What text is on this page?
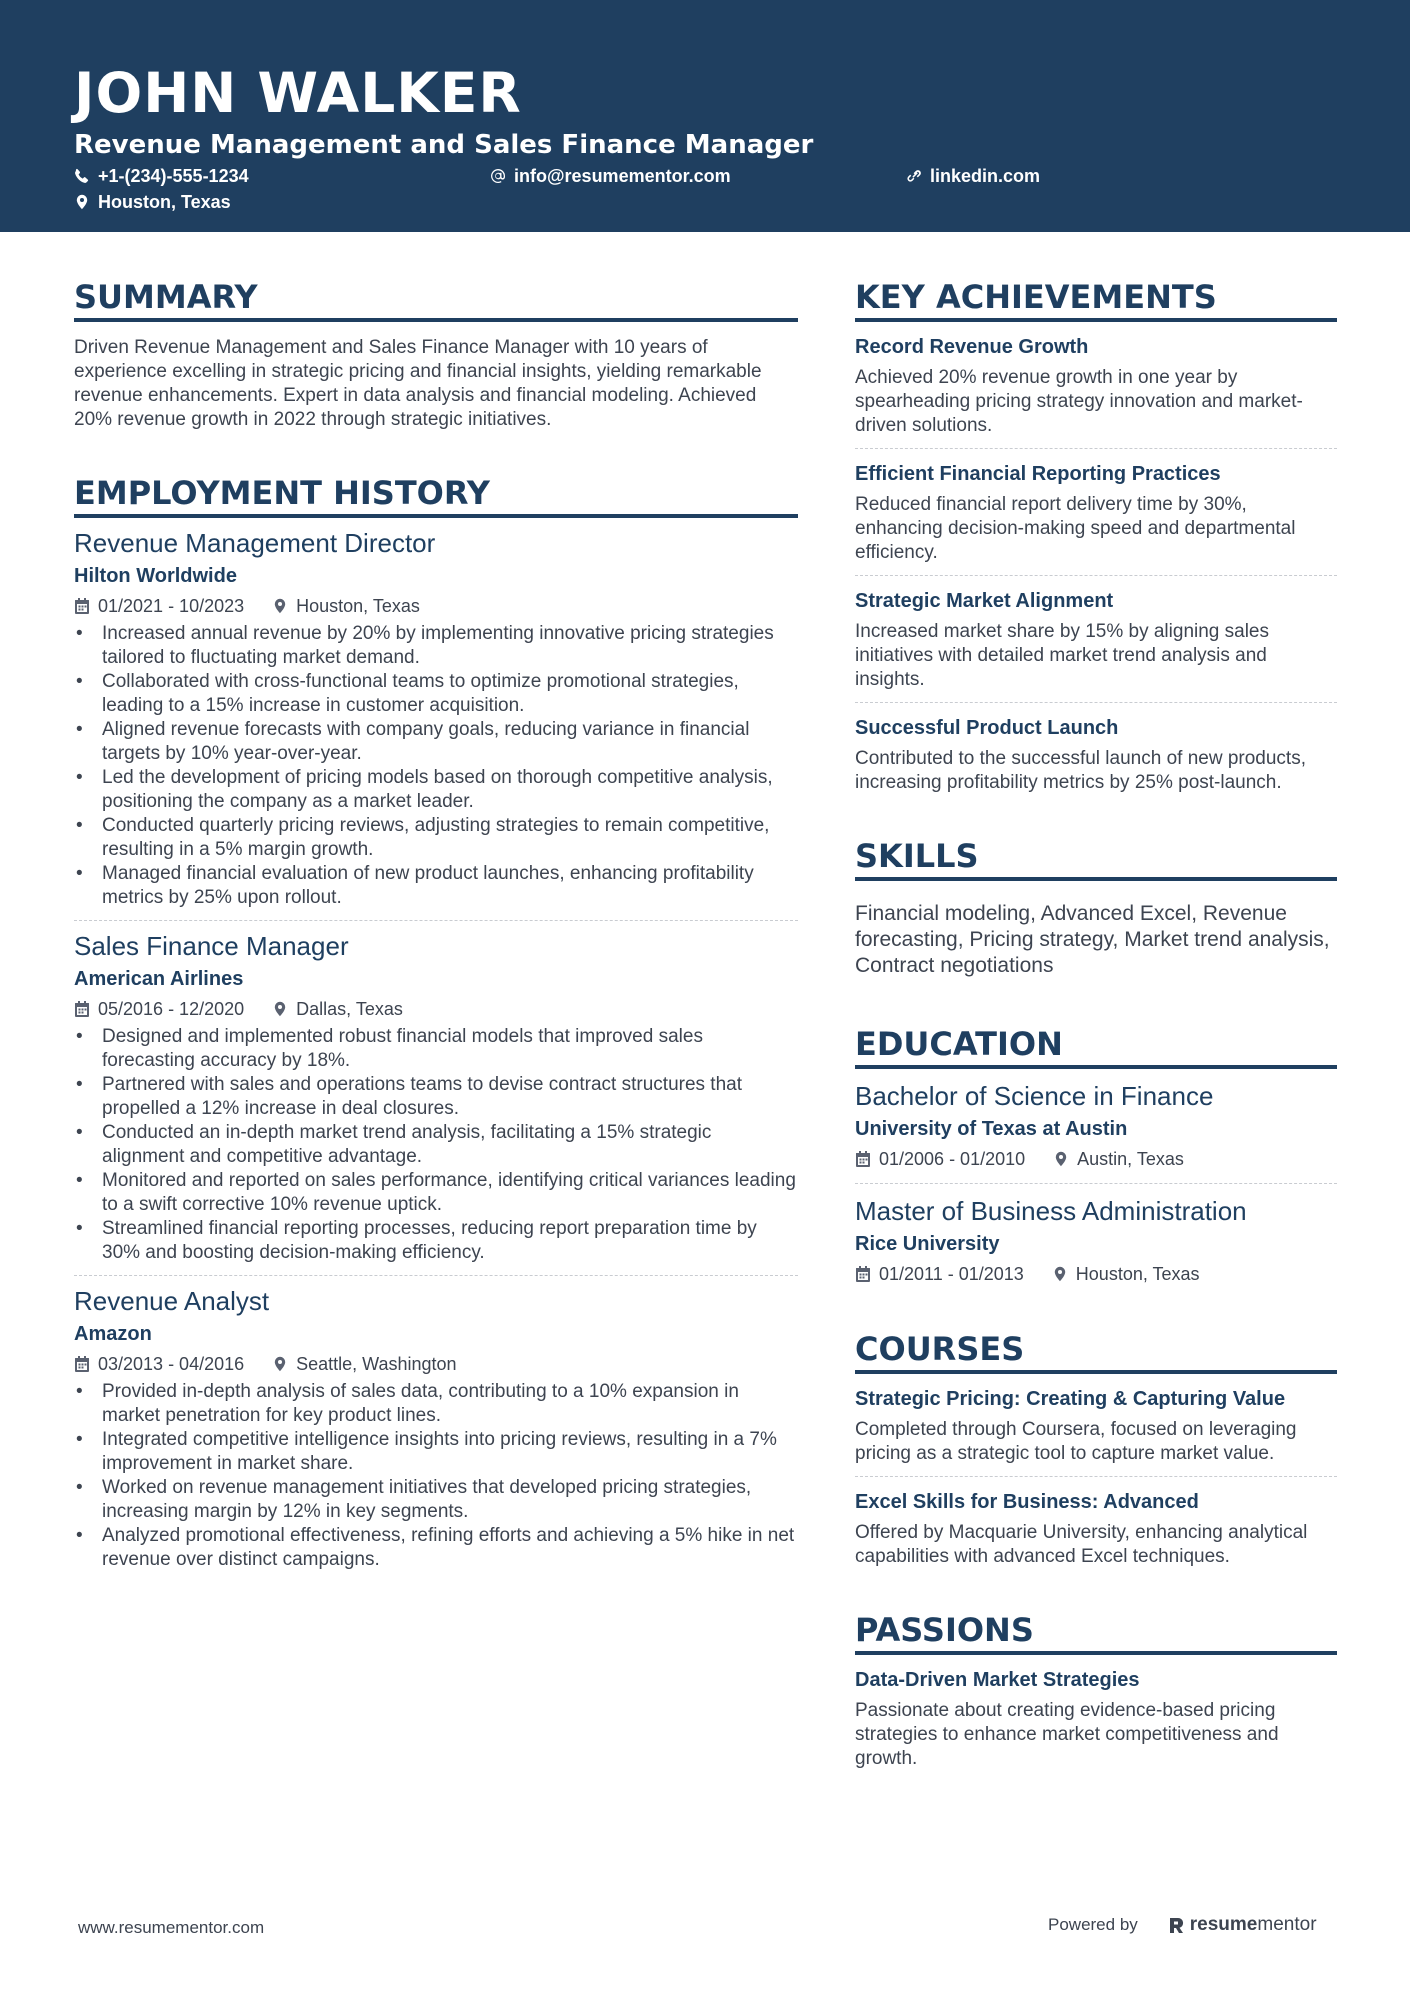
JOHN WALKER
Revenue Management and Sales Finance Manager
+1-(234)-555-1234	info@resumementor.com	linkedin.com
Houston, Texas
SUMMARY
Driven Revenue Management and Sales Finance Manager with 10 years of experience excelling in strategic pricing and financial insights, yielding remarkable revenue enhancements. Expert in data analysis and financial modeling. Achieved 20% revenue growth in 2022 through strategic initiatives.
EMPLOYMENT HISTORY
Revenue Management Director
Hilton Worldwide
01/2021 - 10/2023	Houston, Texas
• Increased annual revenue by 20% by implementing innovative pricing strategies tailored to fluctuating market demand.
• Collaborated with cross-functional teams to optimize promotional strategies, leading to a 15% increase in customer acquisition.
• Aligned revenue forecasts with company goals, reducing variance in financial targets by 10% year-over-year.
• Led the development of pricing models based on thorough competitive analysis, positioning the company as a market leader.
• Conducted quarterly pricing reviews, adjusting strategies to remain competitive, resulting in a 5% margin growth.
• Managed financial evaluation of new product launches, enhancing profitability metrics by 25% upon rollout.
Sales Finance Manager
American Airlines
05/2016 - 12/2020	Dallas, Texas
• Designed and implemented robust financial models that improved sales forecasting accuracy by 18%.
• Partnered with sales and operations teams to devise contract structures that propelled a 12% increase in deal closures.
• Conducted an in-depth market trend analysis, facilitating a 15% strategic alignment and competitive advantage.
• Monitored and reported on sales performance, identifying critical variances leading to a swift corrective 10% revenue uptick.
• Streamlined financial reporting processes, reducing report preparation time by 30% and boosting decision-making efficiency.
Revenue Analyst
Amazon
03/2013 - 04/2016	Seattle, Washington
• Provided in-depth analysis of sales data, contributing to a 10% expansion in market penetration for key product lines.
• Integrated competitive intelligence insights into pricing reviews, resulting in a 7% improvement in market share.
• Worked on revenue management initiatives that developed pricing strategies, increasing margin by 12% in key segments.
• Analyzed promotional effectiveness, refining efforts and achieving a 5% hike in net revenue over distinct campaigns.
KEY ACHIEVEMENTS
Record Revenue Growth
Achieved 20% revenue growth in one year by spearheading pricing strategy innovation and market-driven solutions.
Efficient Financial Reporting Practices
Reduced financial report delivery time by 30%, enhancing decision-making speed and departmental efficiency.
Strategic Market Alignment
Increased market share by 15% by aligning sales initiatives with detailed market trend analysis and insights.
Successful Product Launch
Contributed to the successful launch of new products, increasing profitability metrics by 25% post-launch.
SKILLS
Financial modeling, Advanced Excel, Revenue forecasting, Pricing strategy, Market trend analysis, Contract negotiations
EDUCATION
Bachelor of Science in Finance
University of Texas at Austin
01/2006 - 01/2010	Austin, Texas
Master of Business Administration
Rice University
01/2011 - 01/2013	Houston, Texas
COURSES
Strategic Pricing: Creating & Capturing Value
Completed through Coursera, focused on leveraging pricing as a strategic tool to capture market value.
Excel Skills for Business: Advanced
Offered by Macquarie University, enhancing analytical capabilities with advanced Excel techniques.
PASSIONS
Data-Driven Market Strategies
Passionate about creating evidence-based pricing strategies to enhance market competitiveness and growth.
www.resumementor.com	Powered by	resume mentor
